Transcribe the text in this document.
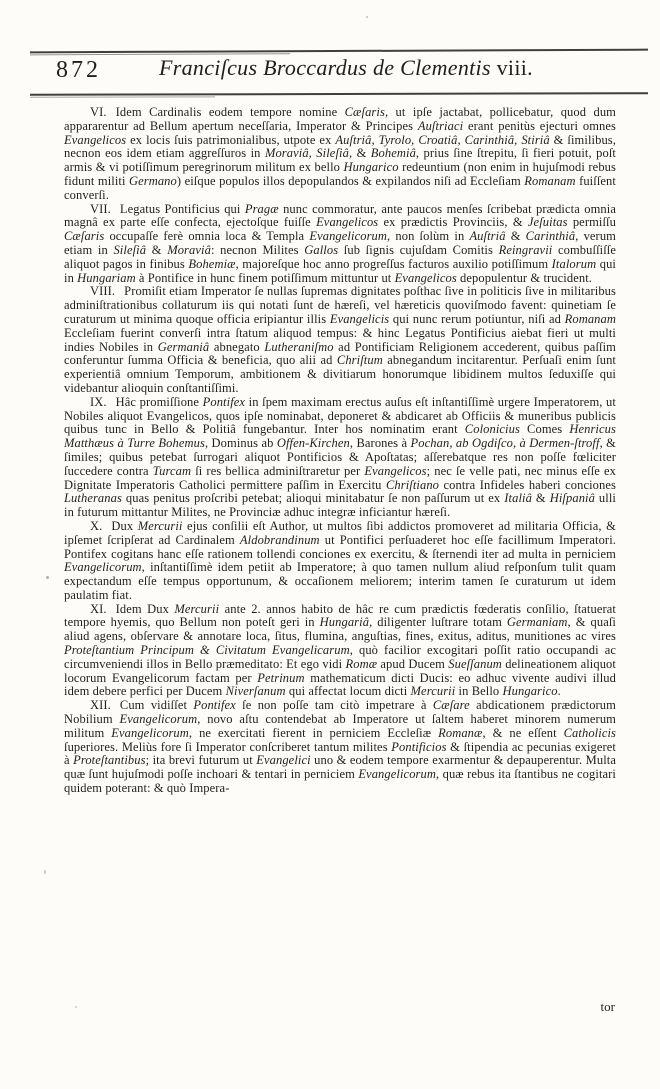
872	Franciſcus Broccardus de Clementis viii.

VI. Idem Cardinalis eodem tempore nomine Cæſaris, ut ipſe jactabat, pollicebatur, quod dum appararentur ad Bellum apertum neceſſaria, Imperator & Principes Auſtriaci erant penitùs ejecturi omnes Evangelicos ex locis ſuis patrimonialibus, utpote ex Auſtriâ, Tyrolo, Croatiâ, Carinthiâ, Stiriâ & ſimilibus, necnon eos idem etiam aggreſſuros in Moraviâ, Sileſiâ, & Bohemiâ, prius ſine ſtrepitu, ſi fieri potuit, poſt armis & vi potiſſimum peregrinorum militum ex bello Hungarico redeuntium (non enim in hujuſmodi rebus fidunt militi Germano) eiſque populos illos depopulandos & expilandos niſi ad Eccleſiam Romanam fuiſſent converſi.

VII. Legatus Pontificius qui Pragæ nunc commoratur, ante paucos menſes ſcribebat prædicta omnia magnâ ex parte eſſe confecta, ejectoſque fuiſſe Evangelicos ex prædictis Provinciis, & Jeſuitas permiſſu Cæſaris occupaſſe ferè omnia loca & Templa Evangelicorum, non ſolùm in Auſtriâ & Carinthiâ, verum etiam in Sileſiâ & Moraviâ: necnon Milites Gallos ſub ſignis cujuſdam Comitis Reingravii combuſſiſſe aliquot pagos in finibus Bohemiæ, majoreſque hoc anno progreſſus facturos auxilio potiſſimum Italorum qui in Hungariam à Pontifice in hunc finem potiſſimum mittuntur ut Evangelicos depopulentur & trucident.

VIII. Promiſit etiam Imperator ſe nullas ſupremas dignitates poſthac ſive in politicis ſive in militaribus adminiſtrationibus collaturum iis qui notati ſunt de hæreſi, vel hæreticis quoviſmodo favent: quinetiam ſe curaturum ut minima quoque officia eripiantur illis Evangelicis qui nunc rerum potiuntur, niſi ad Romanam Eccleſiam fuerint converſi intra ſtatum aliquod tempus: & hinc Legatus Pontificius aiebat fieri ut multi indies Nobiles in Germaniâ abnegato Lutheraniſmo ad Pontificiam Religionem accederent, quibus paſſim conferuntur ſumma Officia & beneficia, quo alii ad Chriſtum abnegandum incitarentur. Perſuaſi enim ſunt experientiâ omnium Temporum, ambitionem & divitiarum honorumque libidinem multos ſeduxiſſe qui videbantur alioquin conſtantiſſimi.

IX. Hâc promiſſione Pontifex in ſpem maximam erectus auſus eſt inſtantiſſimè urgere Imperatorem, ut Nobiles aliquot Evangelicos, quos ipſe nominabat, deponeret & abdicaret ab Officiis & muneribus publicis quibus tunc in Bello & Politiâ fungebantur. Inter hos nominatim erant Colonicius Comes Henricus Matthæus à Turre Bohemus, Dominus ab Offen-Kirchen, Barones à Pochan, ab Ogdiſco, à Dermen-ſtroff, & ſimiles; quibus petebat ſurrogari aliquot Pontificios & Apoſtatas; aſſerebatque res non poſſe fœliciter ſuccedere contra Turcam ſi res bellica adminiſtraretur per Evangelicos; nec ſe velle pati, nec minus eſſe ex Dignitate Imperatoris Catholici permittere paſſim in Exercitu Chriſtiano contra Infideles haberi conciones Lutheranas quas penitus proſcribi petebat; alioqui minitabatur ſe non paſſurum ut ex Italiâ & Hiſpaniâ ulli in futurum mittantur Milites, ne Provinciæ adhuc integræ inficiantur hæreſi.

X. Dux Mercurii ejus conſilii eſt Author, ut multos ſibi addictos promoveret ad militaria Officia, & ipſemet ſcripſerat ad Cardinalem Aldobrandinum ut Pontifici perſuaderet hoc eſſe facillimum Imperatori. Pontifex cogitans hanc eſſe rationem tollendi conciones ex exercitu, & ſternendi iter ad multa in perniciem Evangelicorum, inſtantiſſimè idem petiit ab Imperatore; à quo tamen nullum aliud reſponſum tulit quam expectandum eſſe tempus opportunum, & occaſionem meliorem; interim tamen ſe curaturum ut idem paulatim fiat.

XI. Idem Dux Mercurii ante 2. annos habito de hâc re cum prædictis fœderatis conſilio, ſtatuerat tempore hyemis, quo Bellum non poteſt geri in Hungariâ, diligenter luſtrare totam Germaniam, & quaſi aliud agens, obſervare & annotare loca, ſitus, flumina, anguſtias, fines, exitus, aditus, munitiones ac vires Proteſtantium Principum & Civitatum Evangelicarum, quò facilior excogitari poſſit ratio occupandi ac circumveniendi illos in Bello præmeditato: Et ego vidi Romæ apud Ducem Sueſſanum delineationem aliquot locorum Evangelicorum factam per Petrinum mathematicum dicti Ducis: eo adhuc vivente audivi illud idem debere perfici per Ducem Niverſanum qui affectat locum dicti Mercurii in Bello Hungarico.

XII. Cum vidiſſet Pontifex ſe non poſſe tam citò impetrare à Cæſare abdicationem prædictorum Nobilium Evangelicorum, novo aſtu contendebat ab Imperatore ut ſaltem haberet minorem numerum militum Evangelicorum, ne exercitati fierent in perniciem Eccleſiæ Romanæ, & ne eſſent Catholicis ſuperiores. Meliùs fore ſi Imperator conſcriberet tantum milites Pontificios & ſtipendia ac pecunias exigeret à Proteſtantibus; ita brevi futurum ut Evangelici uno & eodem tempore exarmentur & depauperentur. Multa quæ ſunt hujuſmodi poſſe inchoari & tentari in perniciem Evangelicorum, quæ rebus ita ſtantibus ne cogitari quidem poterant: & quò Impera-

tor
